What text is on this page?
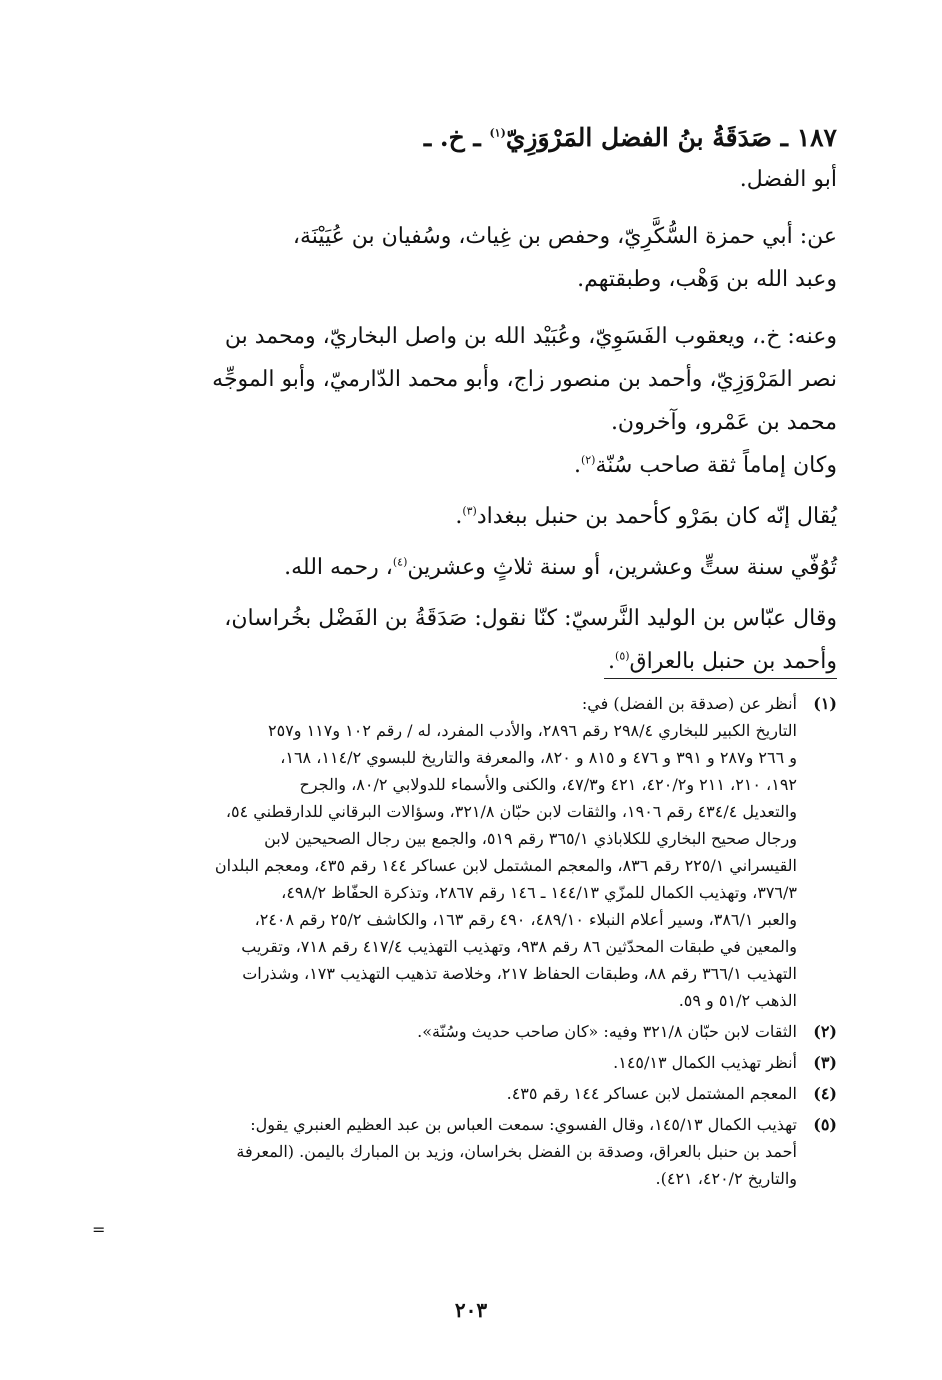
١٨٧ ـ صَدَقَةُ بنُ الفضل المَرْوَزِيّ$^{(١)}$ ـ خ. ـ

أبو الفضل.

عن: أبي حمزة السُّكَّرِيّ، وحفص بن غِياث، وسُفيان بن عُيَيْنَة،

وعبد الله بن وَهْب، وطبقتهم.

وعنه: خ.، ويعقوب الفَسَوِيّ، وعُبَيْد الله بن واصل البخاريّ، ومحمد بن

نصر المَرْوَزِيّ، وأحمد بن منصور زاج، وأبو محمد الدّارميّ، وأبو الموجِّه

محمد بن عَمْرو، وآخرون.

وكان إماماً ثقة صاحب سُنّة$^{(٢)}$.

يُقال إنّه كان بمَرْو كأحمد بن حنبل ببغداد$^{(٣)}$.

تُوُفّي سنة ستٍّ وعشرين، أو سنة ثلاثٍ وعشرين$^{(٤)}$، رحمه الله.

وقال عبّاس بن الوليد النَّرسيّ: كنّا نقول: صَدَقَةُ بن الفَضْل بخُراسان،

وأحمد بن حنبل بالعراق$^{(٥)}$.

(١)
أنظر عن (صدقة بن الفضل) في:
التاريخ الكبير للبخاري ٢٩٨/٤ رقم ٢٨٩٦، والأدب المفرد، له / رقم ١٠٢ و١١٧ و٢٥٧
و ٢٦٦ و٢٨٧ و ٣٩١ و ٤٧٦ و ٨١٥ و ٨٢٠، والمعرفة والتاريخ للبسوي ١١٤/٢، ١٦٨،
١٩٢، ٢١٠، ٢١١ و٤٢٠/٢، ٤٢١ و٤٧/٣، والكنى والأسماء للدولابي ٨٠/٢، والجرح
والتعديل ٤٣٤/٤ رقم ١٩٠٦، والثقات لابن حبّان ٣٢١/٨، وسؤالات البرقاني للدارقطني ٥٤،
ورجال صحيح البخاري للكلاباذي ٣٦٥/١ رقم ٥١٩، والجمع بين رجال الصحيحين لابن
القيسراني ٢٢٥/١ رقم ٨٣٦، والمعجم المشتمل لابن عساكر ١٤٤ رقم ٤٣٥، ومعجم البلدان
٣٧٦/٣، وتهذيب الكمال للمزّي ١٤٤/١٣ ـ ١٤٦ رقم ٢٨٦٧، وتذكرة الحفّاظ ٤٩٨/٢،
والعبر ٣٨٦/١، وسير أعلام النبلاء ٤٨٩/١٠، ٤٩٠ رقم ١٦٣، والكاشف ٢٥/٢ رقم ٢٤٠٨،
والمعين في طبقات المحدّثين ٨٦ رقم ٩٣٨، وتهذيب التهذيب ٤١٧/٤ رقم ٧١٨، وتقريب
التهذيب ٣٦٦/١ رقم ٨٨، وطبقات الحفاظ ٢١٧، وخلاصة تذهيب التهذيب ١٧٣، وشذرات
الذهب ٥١/٢ و ٥٩.
(٢)
الثقات لابن حبّان ٣٢١/٨ وفيه: «كان صاحب حديث وسُنّة».
(٣)
أنظر تهذيب الكمال ١٤٥/١٣.
(٤)
المعجم المشتمل لابن عساكر ١٤٤ رقم ٤٣٥.
(٥)
تهذيب الكمال ١٤٥/١٣، وقال الفسوي: سمعت العباس بن عبد العظيم العنبري يقول:
أحمد بن حنبل بالعراق، وصدقة بن الفضل بخراسان، وزيد بن المبارك باليمن. (المعرفة
والتاريخ ٤٢٠/٢، ٤٢١).
=
٢٠٣
